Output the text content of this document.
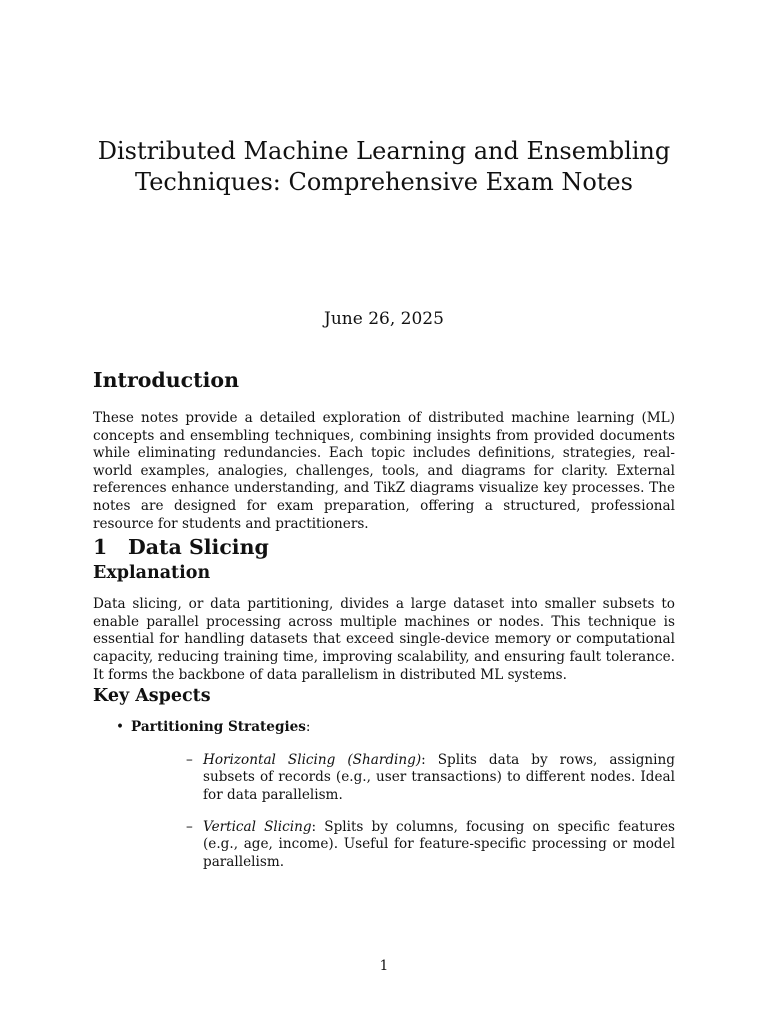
Distributed Machine Learning and Ensembling Techniques: Comprehensive Exam Notes
June 26, 2025
Introduction

These notes provide a detailed exploration of distributed machine learning (ML) concepts and ensembling techniques, combining insights from provided documents while eliminating redundancies. Each topic includes definitions, strategies, real-world examples, analogies, challenges, tools, and diagrams for clarity. External references enhance understanding, and TikZ diagrams visualize key processes. The notes are designed for exam preparation, offering a structured, professional resource for students and practitioners.

1 Data Slicing
Explanation

Data slicing, or data partitioning, divides a large dataset into smaller subsets to enable parallel processing across multiple machines or nodes. This technique is essential for handling datasets that exceed single-device memory or computational capacity, reducing training time, improving scalability, and ensuring fault tolerance. It forms the backbone of data parallelism in distributed ML systems.

Key Aspects
• Partitioning Strategies:
– Horizontal Slicing (Sharding): Splits data by rows, assigning subsets of records (e.g., user transactions) to different nodes. Ideal for data parallelism.
– Vertical Slicing: Splits by columns, focusing on specific features (e.g., age, income). Useful for feature-specific processing or model parallelism.
1
